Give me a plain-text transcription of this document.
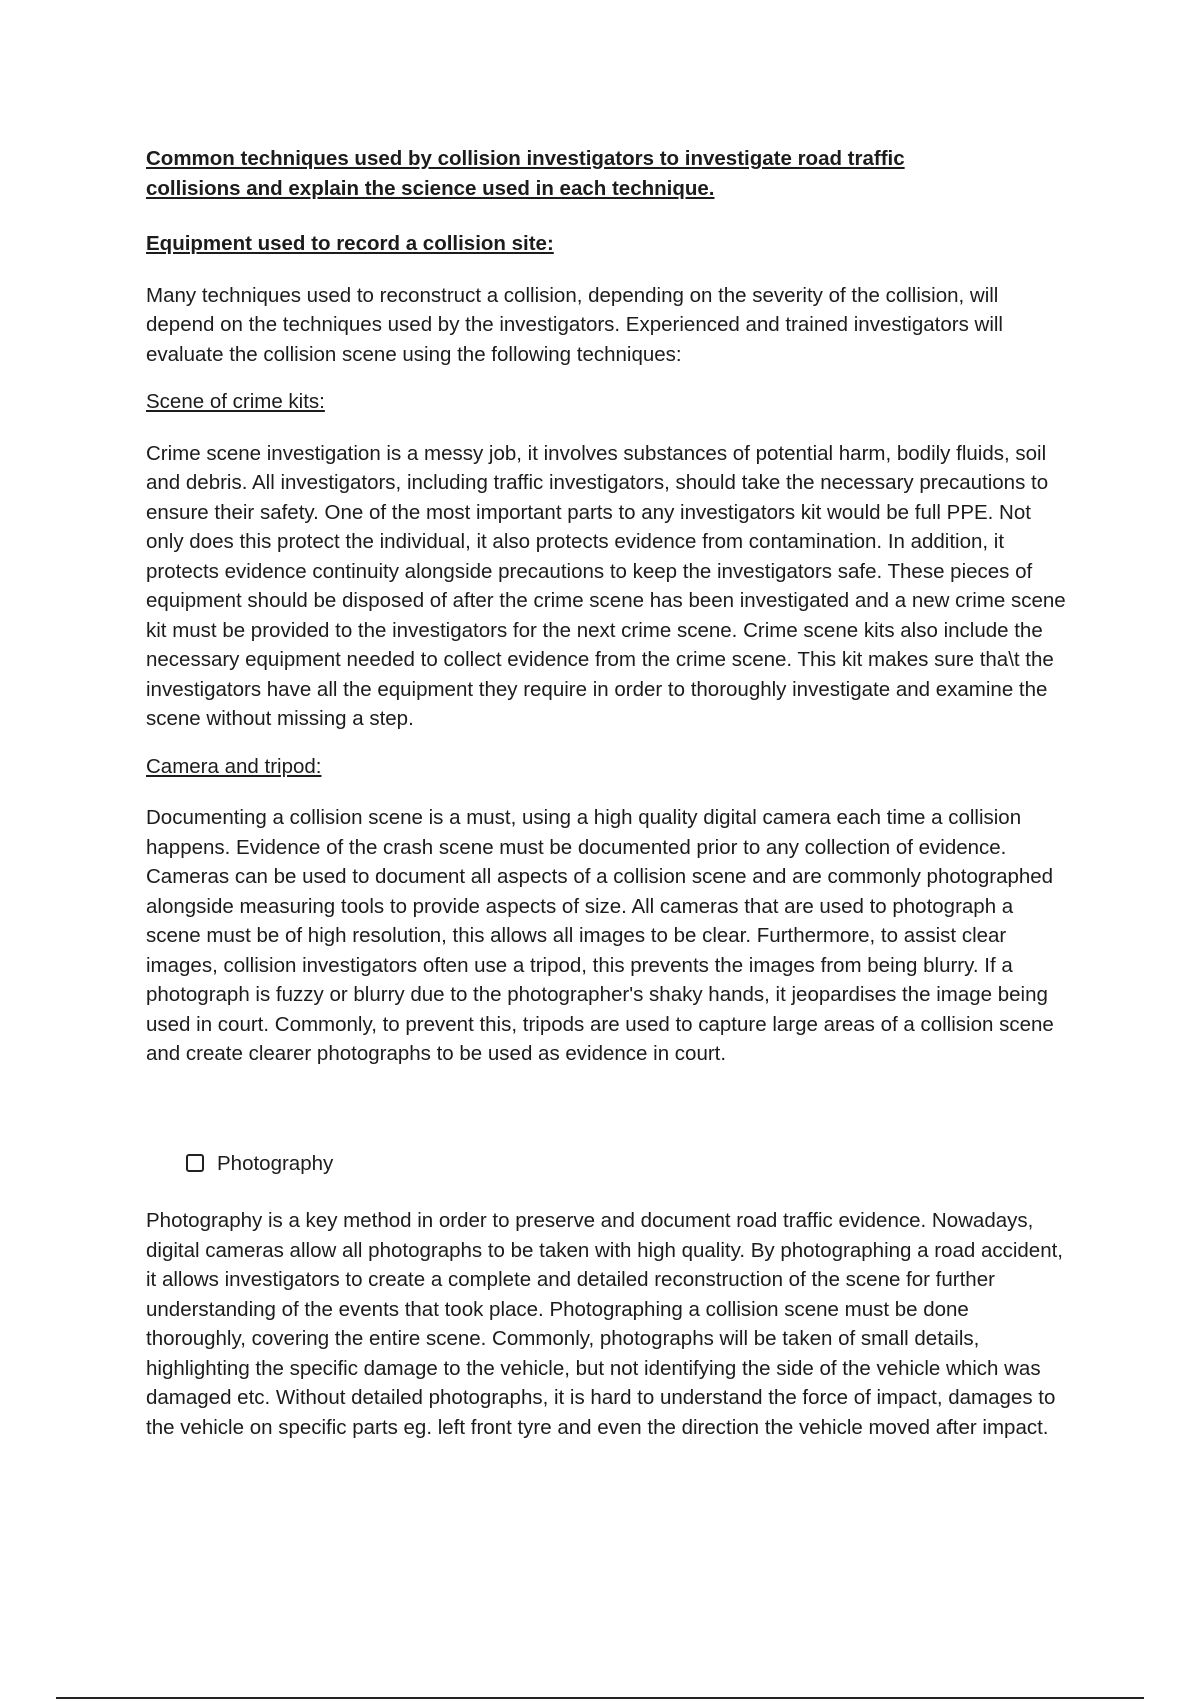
Common techniques used by collision investigators to investigate road traffic collisions and explain the science used in each technique.

Equipment used to record a collision site:

Many techniques used to reconstruct a collision, depending on the severity of the collision, will depend on the techniques used by the investigators. Experienced and trained investigators will evaluate the collision scene using the following techniques:

Scene of crime kits:

Crime scene investigation is a messy job, it involves substances of potential harm, bodily fluids, soil and debris. All investigators, including traffic investigators, should take the necessary precautions to ensure their safety. One of the most important parts to any investigators kit would be full PPE. Not only does this protect the individual, it also protects evidence from contamination. In addition, it protects evidence continuity alongside precautions to keep the investigators safe. These pieces of equipment should be disposed of after the crime scene has been investigated and a new crime scene kit must be provided to the investigators for the next crime scene. Crime scene kits also include the necessary equipment needed to collect evidence from the crime scene. This kit makes sure tha\t the investigators have all the equipment they require in order to thoroughly investigate and examine the scene without missing a step.

Camera and tripod:

Documenting a collision scene is a must, using a high quality digital camera each time a collision happens. Evidence of the crash scene must be documented prior to any collection of evidence. Cameras can be used to document all aspects of a collision scene and are commonly photographed alongside measuring tools to provide aspects of size. All cameras that are used to photograph a scene must be of high resolution, this allows all images to be clear. Furthermore, to assist clear images, collision investigators often use a tripod, this prevents the images from being blurry. If a photograph is fuzzy or blurry due to the photographer's shaky hands, it jeopardises the image being used in court. Commonly, to prevent this, tripods are used to capture large areas of a collision scene and create clearer photographs to be used as evidence in court.

Photography

Photography is a key method in order to preserve and document road traffic evidence. Nowadays, digital cameras allow all photographs to be taken with high quality. By photographing a road accident, it allows investigators to create a complete and detailed reconstruction of the scene for further understanding of the events that took place. Photographing a collision scene must be done thoroughly, covering the entire scene. Commonly, photographs will be taken of small details, highlighting the specific damage to the vehicle, but not identifying the side of the vehicle which was damaged etc. Without detailed photographs, it is hard to understand the force of impact, damages to the vehicle on specific parts eg. left front tyre and even the direction the vehicle moved after impact.
